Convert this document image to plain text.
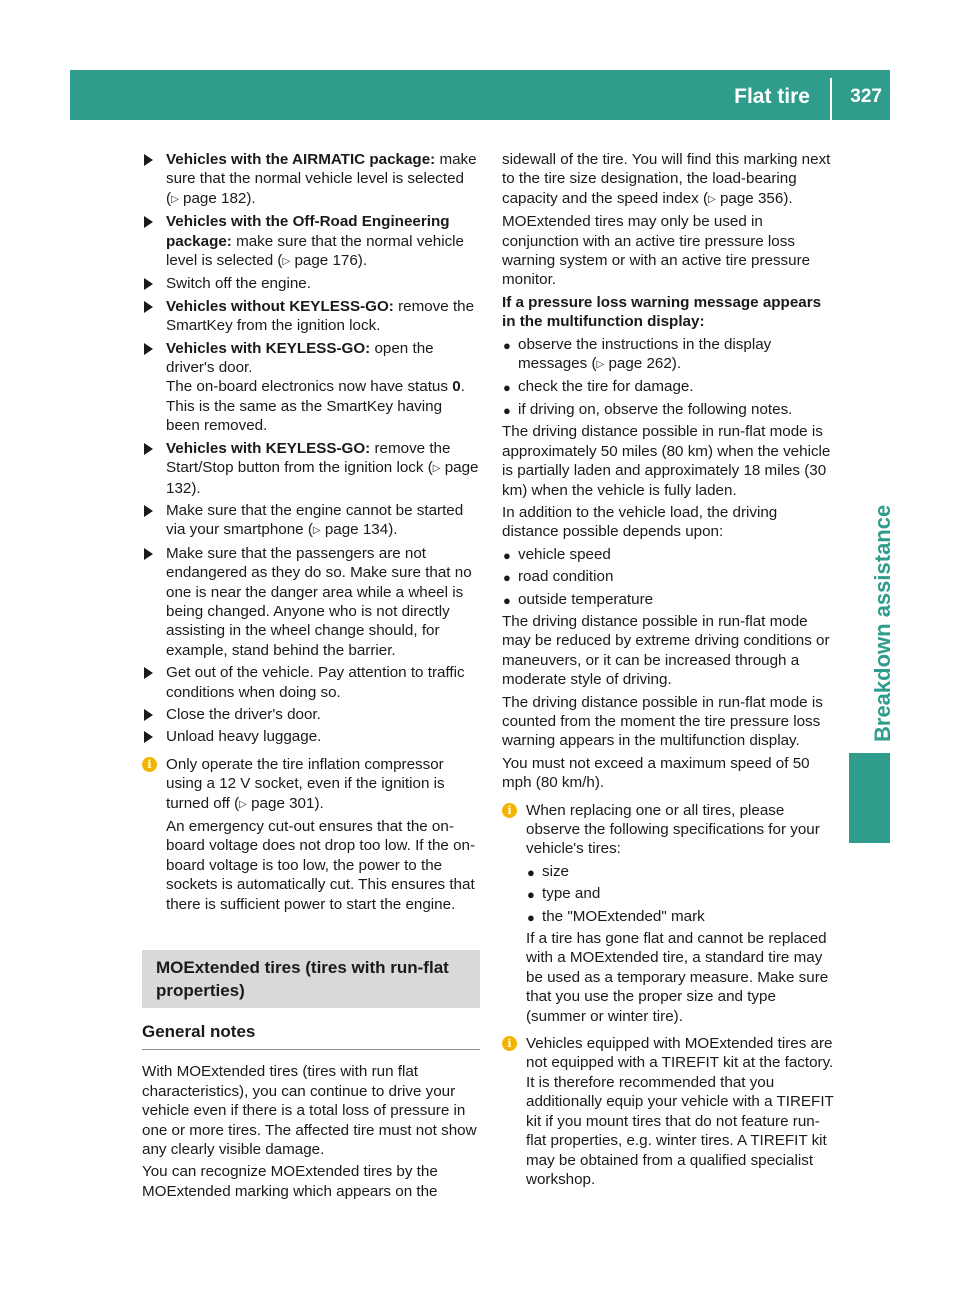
Flat tire	327
Breakdown assistance
Vehicles with the AIRMATIC package: make sure that the normal vehicle level is selected (▷ page 182).
Vehicles with the Off-Road Engineering package: make sure that the normal vehicle level is selected (▷ page 176).
Switch off the engine.
Vehicles without KEYLESS-GO: remove the SmartKey from the ignition lock.
Vehicles with KEYLESS-GO: open the driver's door.
The on-board electronics now have status 0. This is the same as the SmartKey having been removed.
Vehicles with KEYLESS-GO: remove the Start/Stop button from the ignition lock (▷ page 132).
Make sure that the engine cannot be started via your smartphone (▷ page 134).
Make sure that the passengers are not endangered as they do so. Make sure that no one is near the danger area while a wheel is being changed. Anyone who is not directly assisting in the wheel change should, for example, stand behind the barrier.
Get out of the vehicle. Pay attention to traffic conditions when doing so.
Close the driver's door.
Unload heavy luggage.
i Only operate the tire inflation compressor using a 12 V socket, even if the ignition is turned off (▷ page 301).

An emergency cut-out ensures that the on-board voltage does not drop too low. If the on-board voltage is too low, the power to the sockets is automatically cut. This ensures that there is sufficient power to start the engine.

MOExtended tires (tires with run-flat properties)
General notes

With MOExtended tires (tires with run flat characteristics), you can continue to drive your vehicle even if there is a total loss of pressure in one or more tires. The affected tire must not show any clearly visible damage.

You can recognize MOExtended tires by the MOExtended marking which appears on the

sidewall of the tire. You will find this marking next to the tire size designation, the load-bearing capacity and the speed index (▷ page 356).

MOExtended tires may only be used in conjunction with an active tire pressure loss warning system or with an active tire pressure monitor.

If a pressure loss warning message appears in the multifunction display:

● observe the instructions in the display messages (▷ page 262).
● check the tire for damage.
● if driving on, observe the following notes.

The driving distance possible in run-flat mode is approximately 50 miles (80 km) when the vehicle is partially laden and approximately 18 miles (30 km) when the vehicle is fully laden.

In addition to the vehicle load, the driving distance possible depends upon:

● vehicle speed
● road condition
● outside temperature

The driving distance possible in run-flat mode may be reduced by extreme driving conditions or maneuvers, or it can be increased through a moderate style of driving.

The driving distance possible in run-flat mode is counted from the moment the tire pressure loss warning appears in the multifunction display.

You must not exceed a maximum speed of 50 mph (80 km/h).

i When replacing one or all tires, please observe the following specifications for your vehicle's tires:

● size
● type and
● the "MOExtended" mark

If a tire has gone flat and cannot be replaced with a MOExtended tire, a standard tire may be used as a temporary measure. Make sure that you use the proper size and type (summer or winter tire).

i Vehicles equipped with MOExtended tires are not equipped with a TIREFIT kit at the factory. It is therefore recommended that you additionally equip your vehicle with a TIREFIT kit if you mount tires that do not feature run-flat properties, e.g. winter tires. A TIREFIT kit may be obtained from a qualified specialist workshop.
